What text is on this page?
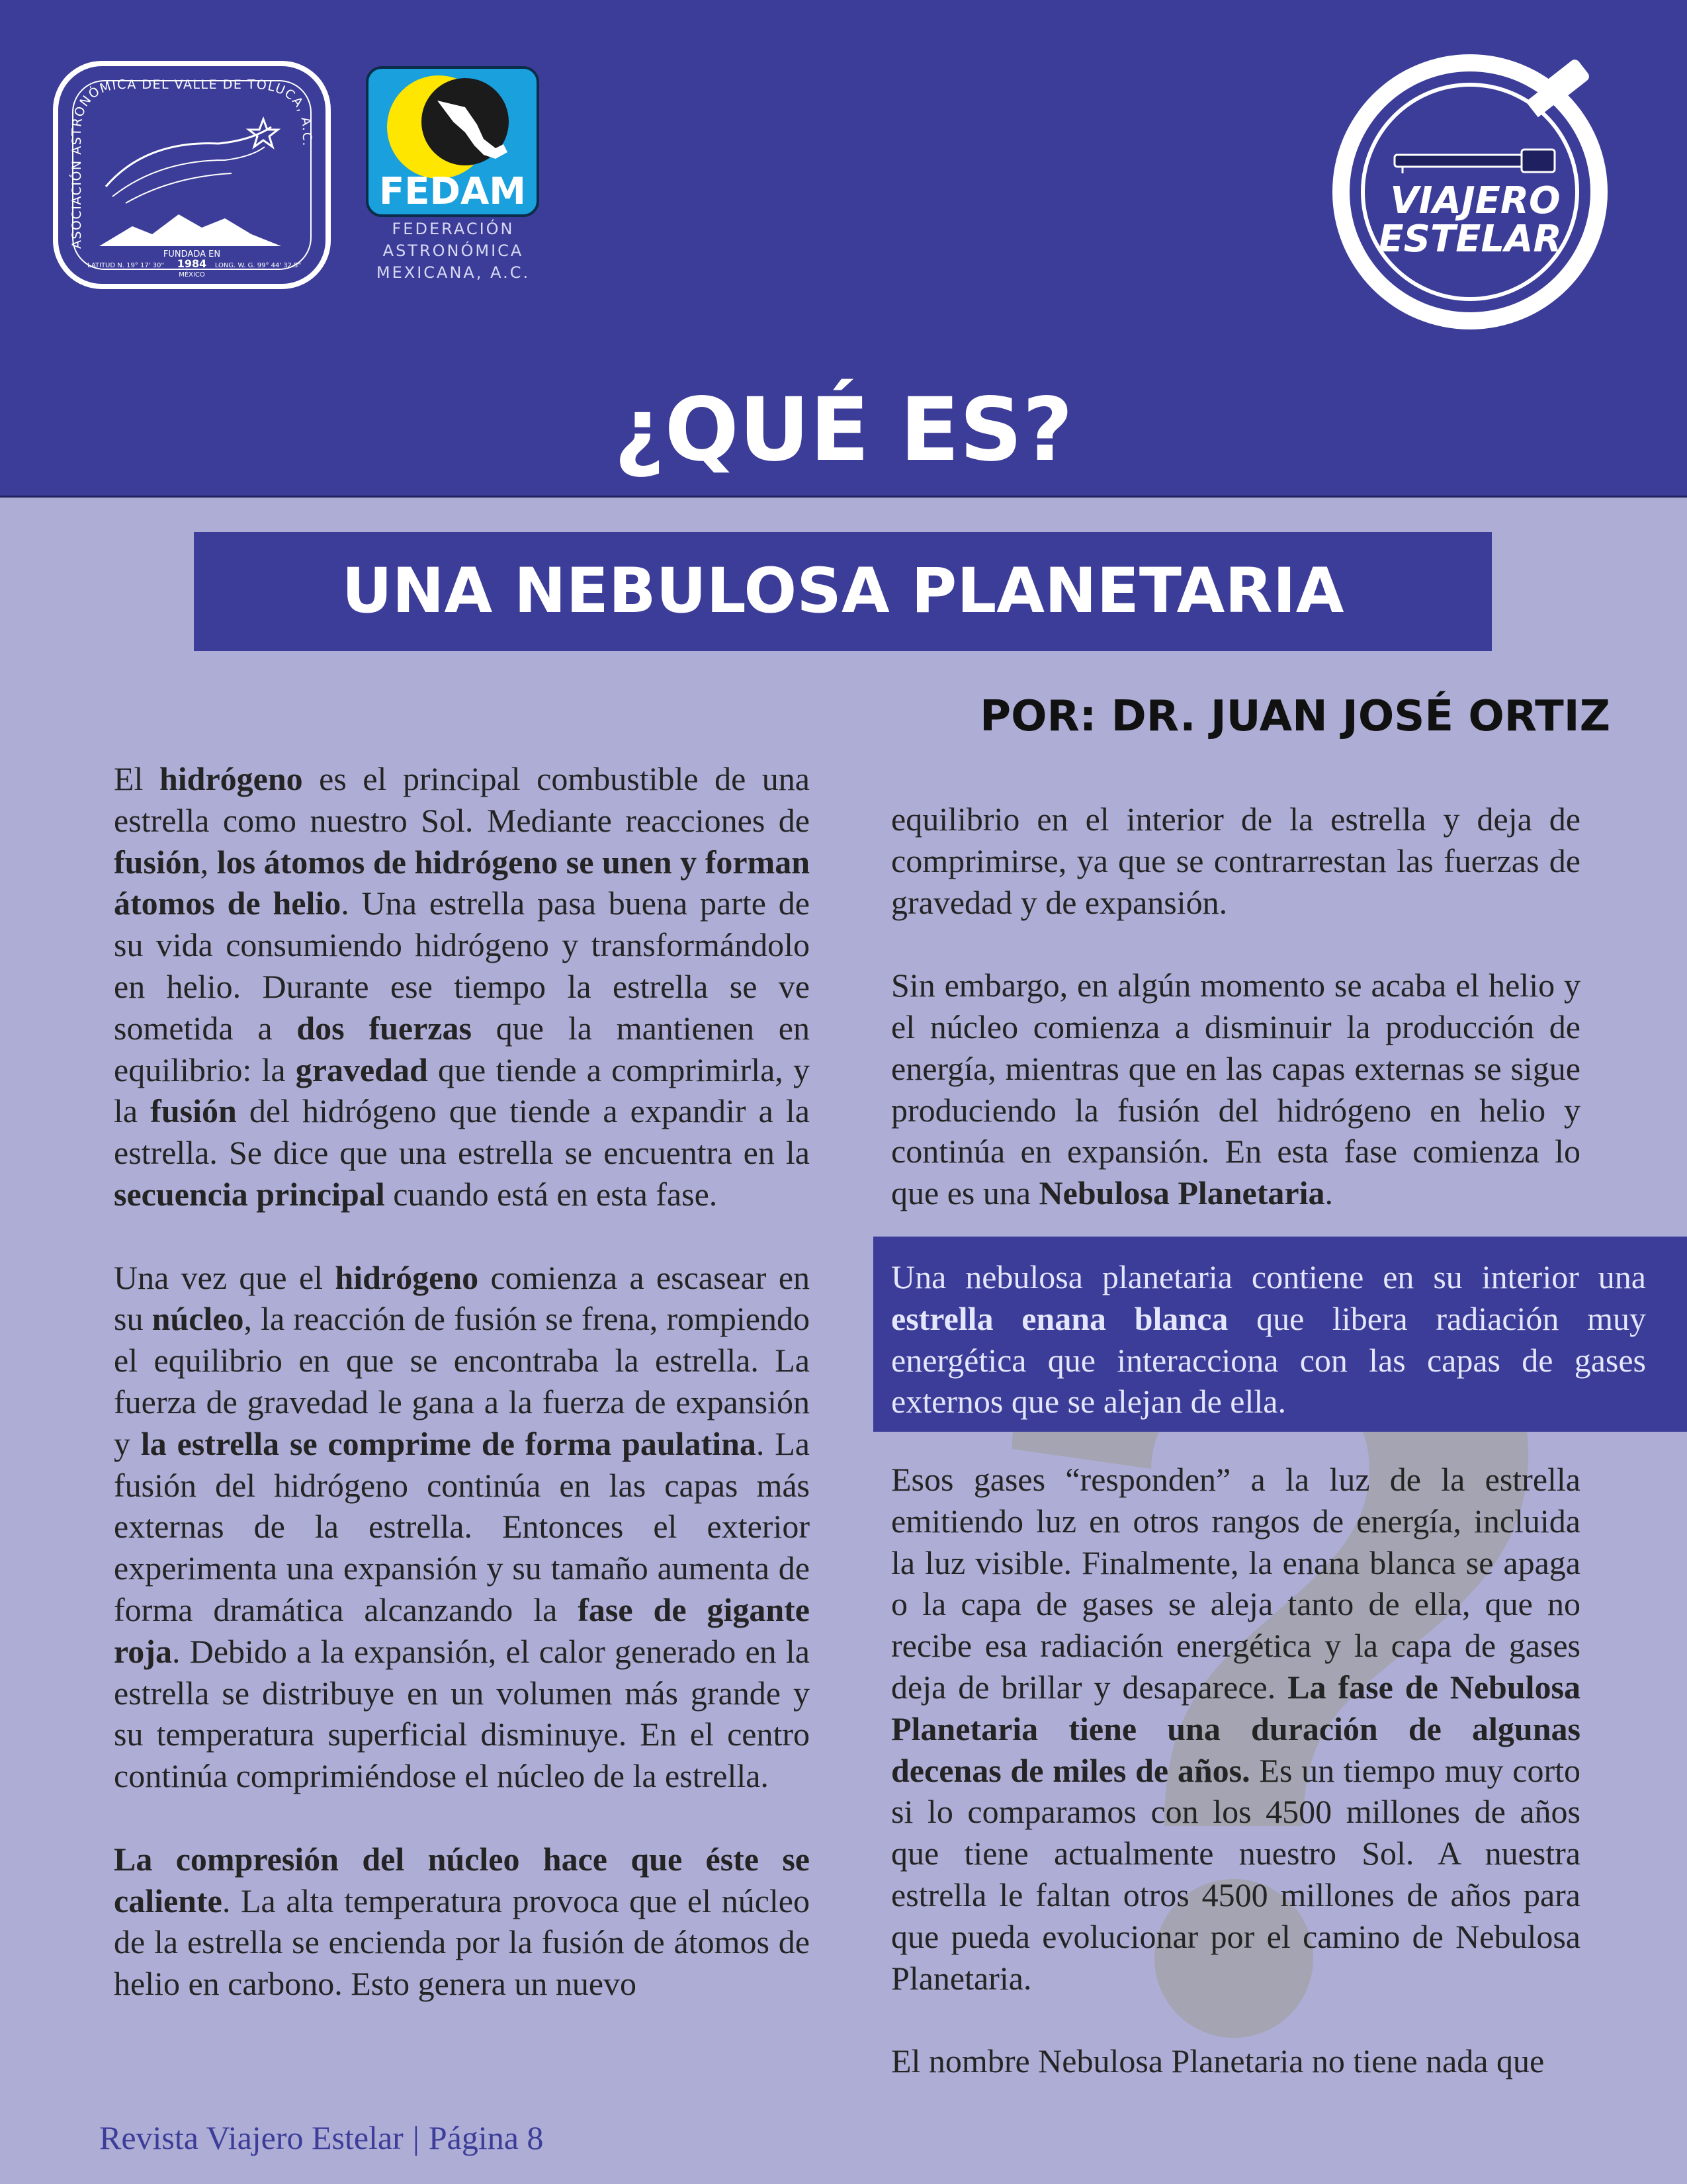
ASOCIACIÓN ASTRONÓMICA DEL VALLE DE TOLUCA, A.C.
FUNDADA EN
1984
MÉXICO
LATITUD N. 19° 17' 30"	LONG. W. G. 99° 44' 32.5"
FEDAM
FEDERACIÓN
ASTRONÓMICA
MEXICANA, A.C.
VIAJERO
ESTELAR
¿QUÉ ES?
UNA NEBULOSA PLANETARIA
POR: DR. JUAN JOSÉ ORTIZ

El hidrógeno es el principal combustible de una estrella como nuestro Sol. Mediante reacciones de fusión, los átomos de hidrógeno se unen y forman átomos de helio. Una estrella pasa buena parte de su vida consumiendo hidrógeno y transformándolo en helio. Durante ese tiempo la estrella se ve sometida a dos fuerzas que la mantienen en equilibrio: la gravedad que tiende a comprimirla, y la fusión del hidrógeno que tiende a expandir a la estrella. Se dice que una estrella se encuentra en la secuencia principal cuando está en esta fase.

Una vez que el hidrógeno comienza a escasear en su núcleo, la reacción de fusión se frena, rompiendo el equilibrio en que se encontraba la estrella. La fuerza de gravedad le gana a la fuerza de expansión y la estrella se comprime de forma paulatina. La fusión del hidrógeno continúa en las capas más externas de la estrella. Entonces el exterior experimenta una expansión y su tamaño aumenta de forma dramática alcanzando la fase de gigante roja. Debido a la expansión, el calor generado en la estrella se distribuye en un volumen más grande y su temperatura superficial disminuye. En el centro continúa comprimiéndose el núcleo de la estrella.

La compresión del núcleo hace que éste se caliente. La alta temperatura provoca que el núcleo de la estrella se encienda por la fusión de átomos de helio en carbono. Esto genera un nuevo

equilibrio en el interior de la estrella y deja de comprimirse, ya que se contrarrestan las fuerzas de gravedad y de expansión.

Sin embargo, en algún momento se acaba el helio y el núcleo comienza a disminuir la producción de energía, mientras que en las capas externas se sigue produciendo la fusión del hidrógeno en helio y continúa en expansión. En esta fase comienza lo que es una Nebulosa Planetaria.

Una nebulosa planetaria contiene en su interior una estrella enana blanca que libera radiación muy energética que interacciona con las capas de gases externos que se alejan de ella.

Esos gases “responden” a la luz de la estrella emitiendo luz en otros rangos de energía, incluida la luz visible. Finalmente, la enana blanca se apaga o la capa de gases se aleja tanto de ella, que no recibe esa radiación energética y la capa de gases deja de brillar y desaparece. La fase de Nebulosa Planetaria tiene una duración de algunas decenas de miles de años. Es un tiempo muy corto si lo comparamos con los 4500 millones de años que tiene actualmente nuestro Sol. A nuestra estrella le faltan otros 4500 millones de años para que pueda evolucionar por el camino de Nebulosa Planetaria.

El nombre Nebulosa Planetaria no tiene nada que

Revista Viajero Estelar | Página 8
